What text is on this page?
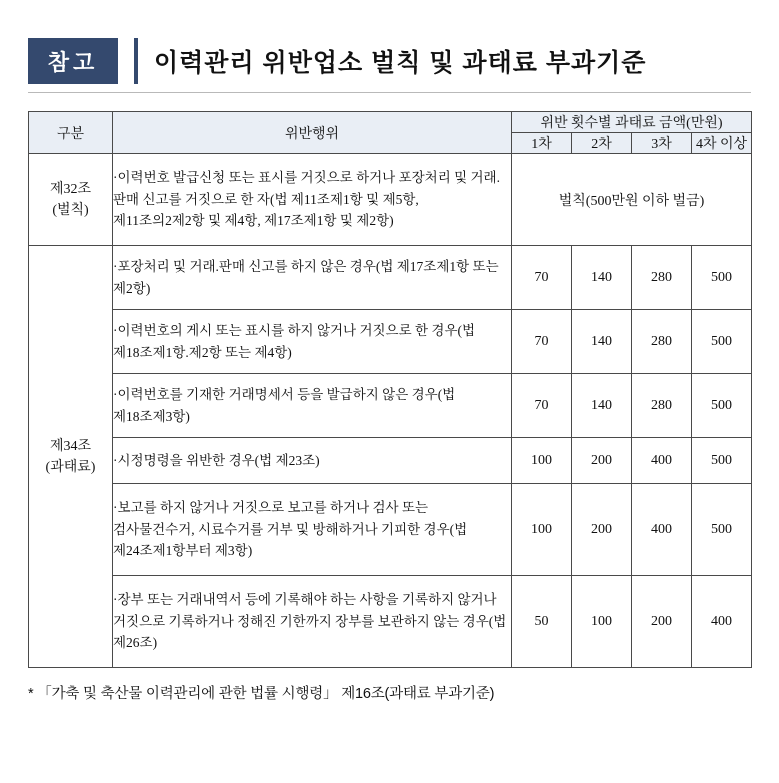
참고	이력관리 위반업소 벌칙 및 과태료 부과기준
구분	위반행위	위반 횟수별 과태료 금액(만원)			
		1차	2차	3차	4차 이상
제32조
(벌칙)	·이력번호 발급신청 또는 표시를 거짓으로 하거나 포장처리 및 거래.판매 신고를 거짓으로 한 자(법 제11조제1항 및 제5항, 제11조의2제2항 및 제4항, 제17조제1항 및 제2항)	벌칙(500만원 이하 벌금)			
제34조
(과태료)	·포장처리 및 거래.판매 신고를 하지 않은 경우(법 제17조제1항 또는 제2항)	70	140	280	500
	·이력번호의 게시 또는 표시를 하지 않거나 거짓으로 한 경우(법 제18조제1항.제2항 또는 제4항)	70	140	280	500
	·이력번호를 기재한 거래명세서 등을 발급하지 않은 경우(법 제18조제3항)	70	140	280	500
	·시정명령을 위반한 경우(법 제23조)	100	200	400	500
	·보고를 하지 않거나 거짓으로 보고를 하거나 검사 또는 검사물건수거, 시료수거를 거부 및 방해하거나 기피한 경우(법 제24조제1항부터 제3항)	100	200	400	500
	·장부 또는 거래내역서 등에 기록해야 하는 사항을 기록하지 않거나 거짓으로 기록하거나 정해진 기한까지 장부를 보관하지 않는 경우(법 제26조)	50	100	200	400
* 「가축 및 축산물 이력관리에 관한 법률 시행령」 제16조(과태료 부과기준)
